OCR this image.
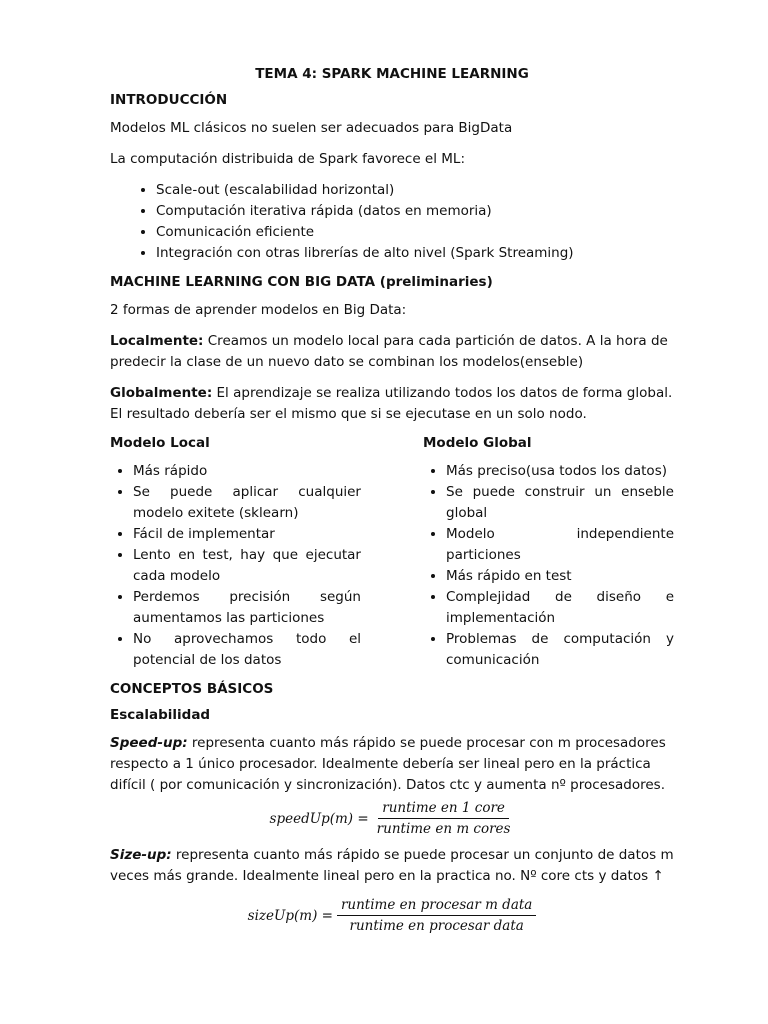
TEMA 4: SPARK MACHINE LEARNING
INTRODUCCIÓN

Modelos ML clásicos no suelen ser adecuados para BigData

La computación distribuida de Spark favorece el ML:

• Scale-out (escalabilidad horizontal)
• Computación iterativa rápida (datos en memoria)
• Comunicación eficiente
• Integración con otras librerías de alto nivel (Spark Streaming)
MACHINE LEARNING CON BIG DATA (preliminaries)

2 formas de aprender modelos en Big Data:

Localmente: Creamos un modelo local para cada partición de datos. A la hora de predecir la clase de un nuevo dato se combinan los modelos(enseble)

Globalmente: El aprendizaje se realiza utilizando todos los datos de forma global. El resultado debería ser el mismo que si se ejecutase en un solo nodo.

Modelo Local
• Más rápido
• Se puede aplicar cualquier modelo exitete (sklearn)
• Fácil de implementar
• Lento en test, hay que ejecutar cada modelo
• Perdemos precisión según aumentamos las particiones
• No aprovechamos todo el potencial de los datos
Modelo Global
• Más preciso(usa todos los datos)
• Se puede construir un enseble global
• Modelo independiente particiones
• Más rápido en test
• Complejidad de diseño e implementación
• Problemas de computación y comunicación
CONCEPTOS BÁSICOS
Escalabilidad

Speed-up: representa cuanto más rápido se puede procesar con m procesadores respecto a 1 único procesador. Idealmente debería ser lineal pero en la práctica difícil ( por comunicación y sincronización). Datos ctc y aumenta nº procesadores.

speedUp(m) = $\frac{\text{runtime en 1 core}}{\text{runtime en m cores}}$

Size-up: representa cuanto más rápido se puede procesar un conjunto de datos m veces más grande. Idealmente lineal pero en la practica no. Nº core cts y datos ↑

sizeUp(m) = $\frac{\text{runtime en procesar m data}}{\text{runtime en procesar data}}$
